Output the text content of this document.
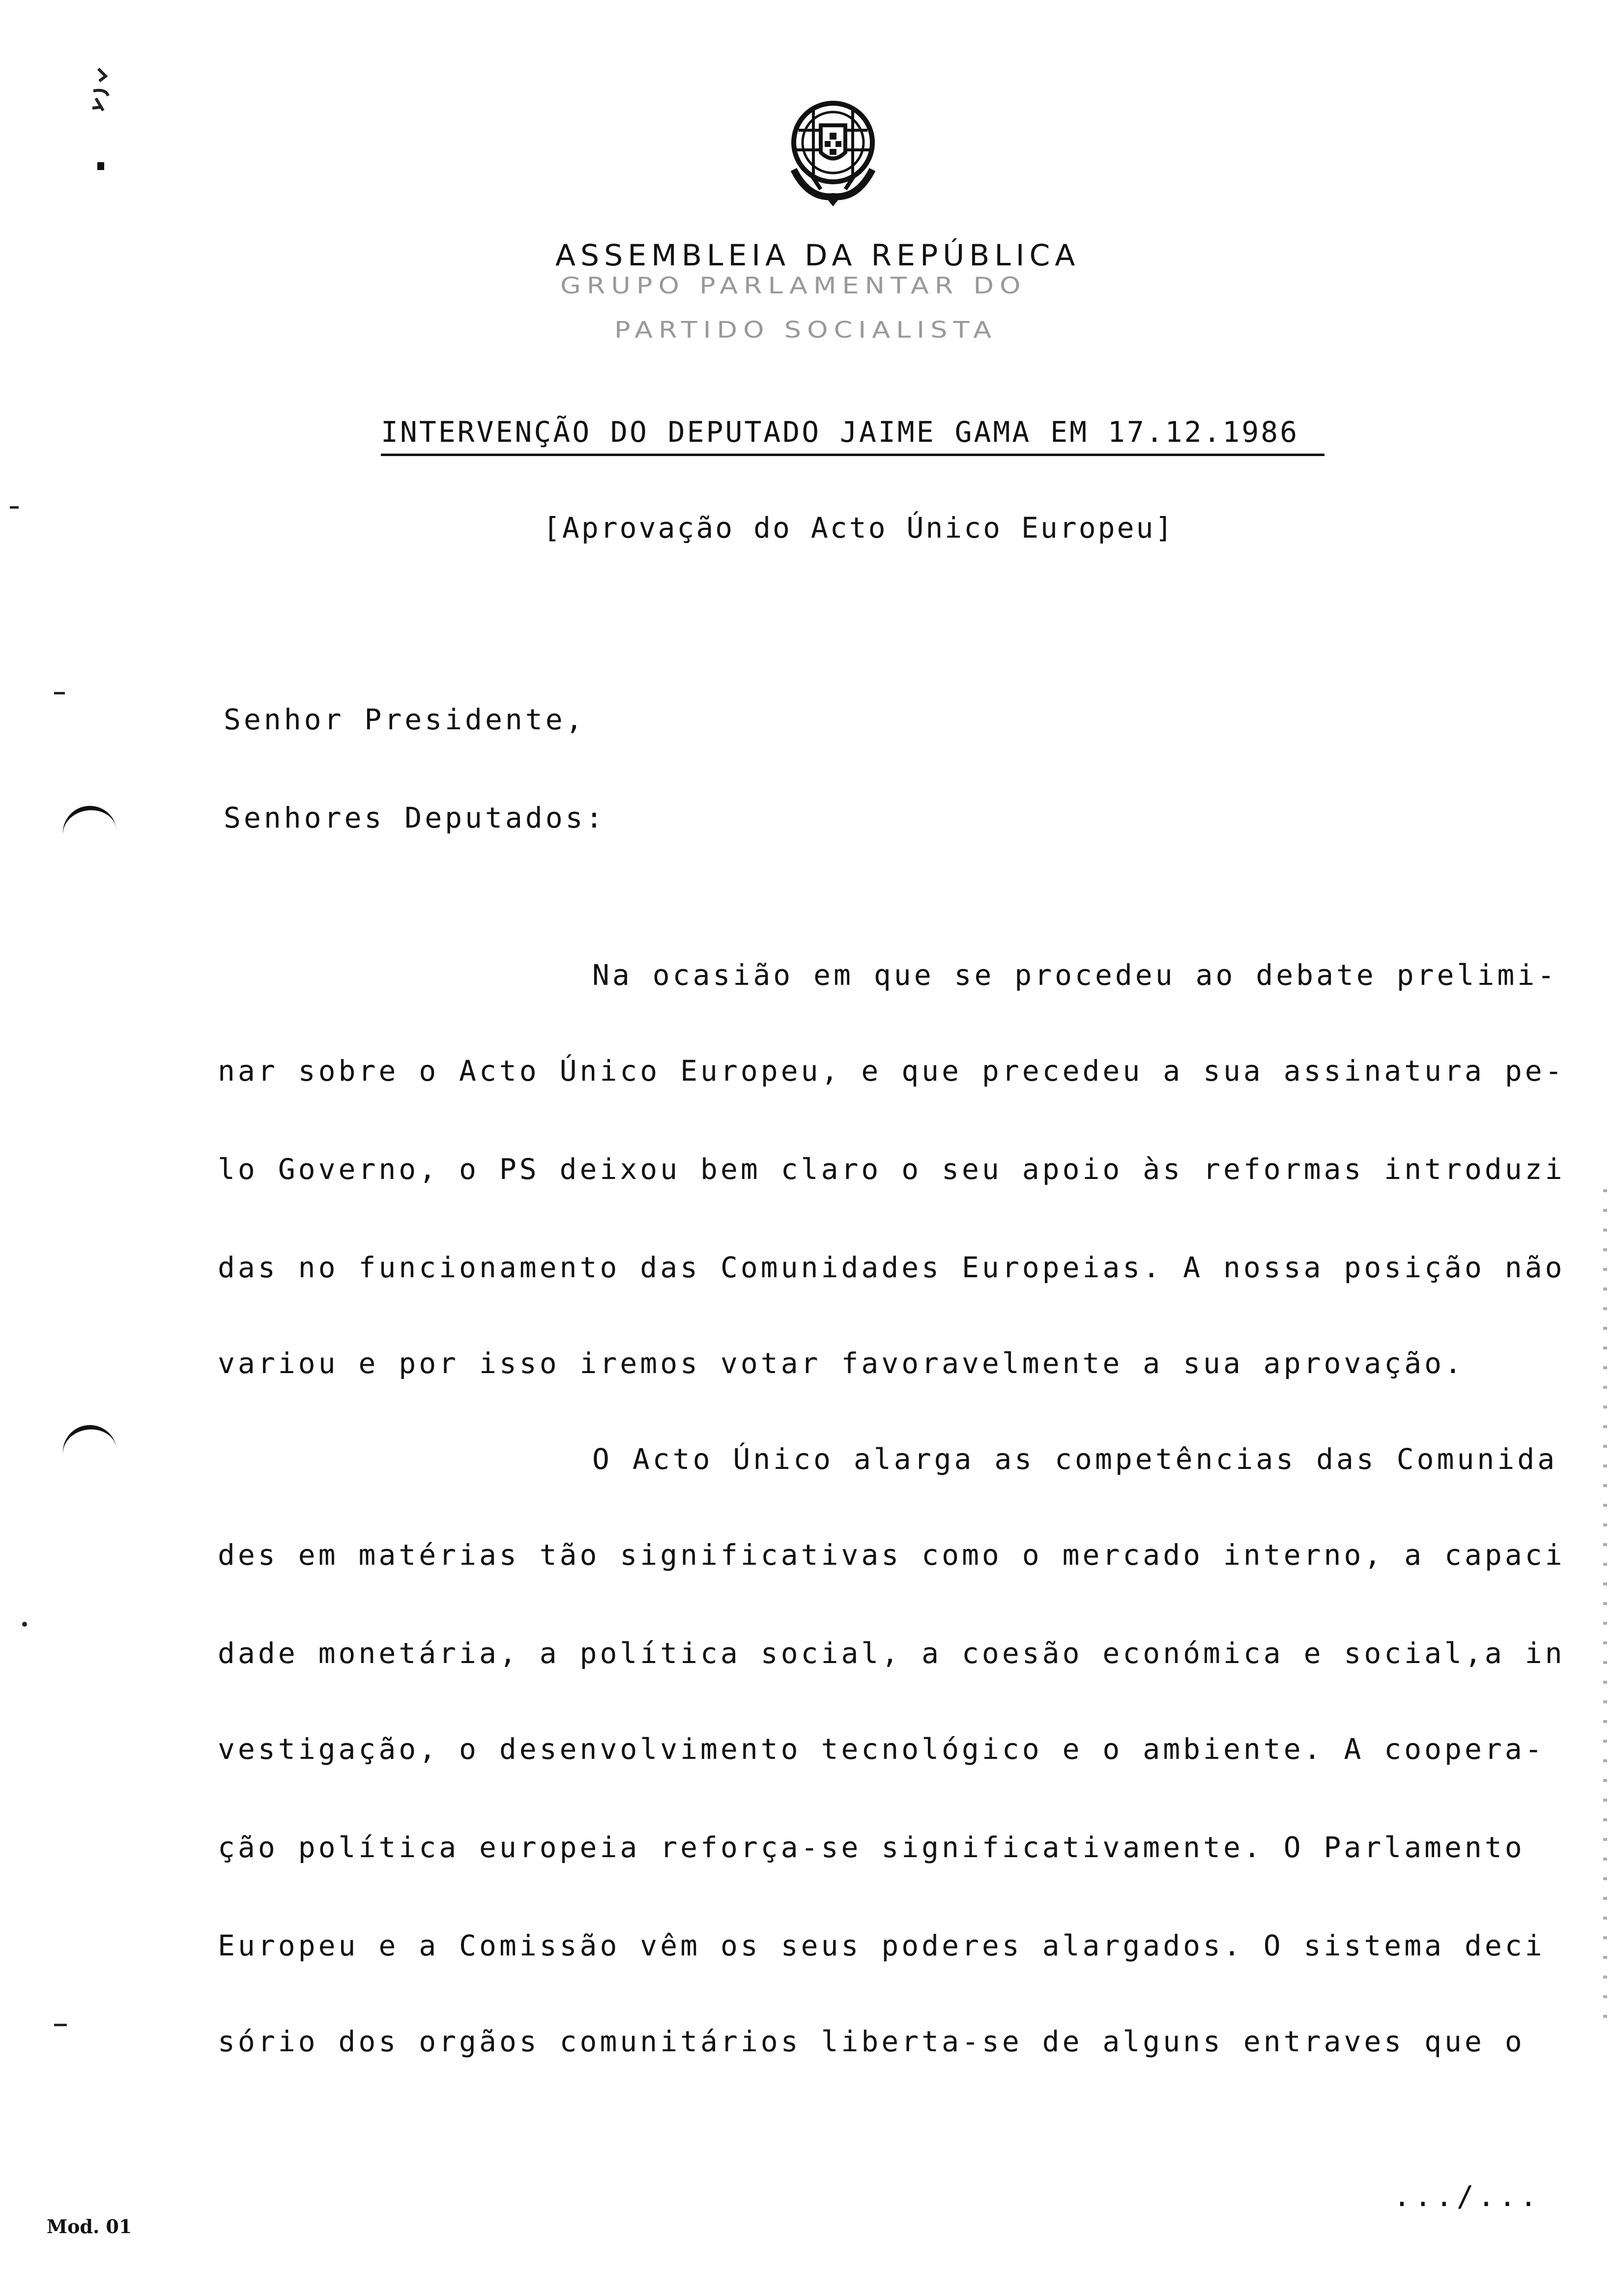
ASSEMBLEIA DA REPÚBLICA
GRUPO PARLAMENTAR DO
PARTIDO SOCIALISTA
INTERVENÇÃO DO DEPUTADO JAIME GAMA EM 17.12.1986
[Aprovação do Acto Único Europeu]
Senhor Presidente,
Senhores Deputados:
Na ocasião em que se procedeu ao debate prelimi-
nar sobre o Acto Único Europeu, e que precedeu a sua assinatura pe-
lo Governo, o PS deixou bem claro o seu apoio às reformas introduzi
das no funcionamento das Comunidades Europeias. A nossa posição não
variou e por isso iremos votar favoravelmente a sua aprovação.
O Acto Único alarga as competências das Comunida
des em matérias tão significativas como o mercado interno, a capaci
dade monetária, a política social, a coesão económica e social,a in
vestigação, o desenvolvimento tecnológico e o ambiente. A coopera-
ção política europeia reforça-se significativamente. O Parlamento
Europeu e a Comissão vêm os seus poderes alargados. O sistema deci
sório dos orgãos comunitários liberta-se de alguns entraves que o
.../...
Mod. 01
